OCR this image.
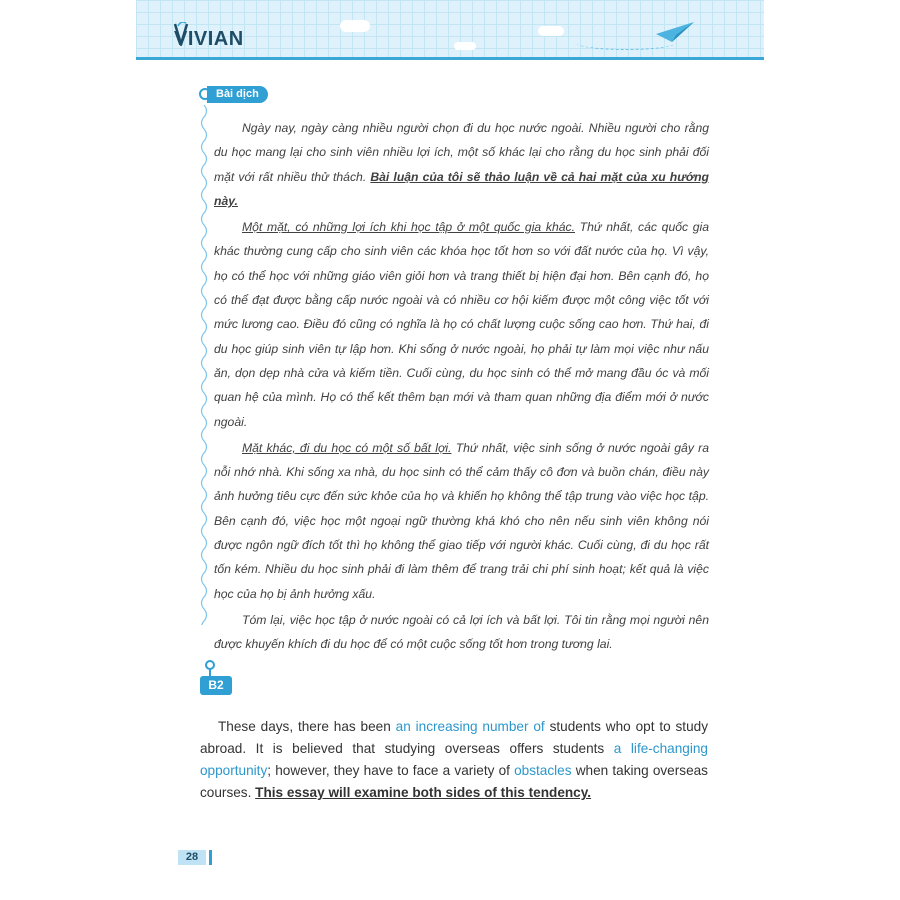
VIVIAN
Bài dịch

Ngày nay, ngày càng nhiều người chọn đi du học nước ngoài. Nhiều người cho rằng du học mang lại cho sinh viên nhiều lợi ích, một số khác lại cho rằng du học sinh phải đối mặt với rất nhiều thử thách. Bài luận của tôi sẽ thảo luận về cả hai mặt của xu hướng này.

Một mặt, có những lợi ích khi học tập ở một quốc gia khác. Thứ nhất, các quốc gia khác thường cung cấp cho sinh viên các khóa học tốt hơn so với đất nước của họ. Vì vậy, họ có thể học với những giáo viên giỏi hơn và trang thiết bị hiện đại hơn. Bên cạnh đó, họ có thể đạt được bằng cấp nước ngoài và có nhiều cơ hội kiếm được một công việc tốt với mức lương cao. Điều đó cũng có nghĩa là họ có chất lượng cuộc sống cao hơn. Thứ hai, đi du học giúp sinh viên tự lập hơn. Khi sống ở nước ngoài, họ phải tự làm mọi việc như nấu ăn, dọn dẹp nhà cửa và kiếm tiền. Cuối cùng, du học sinh có thể mở mang đầu óc và mối quan hệ của mình. Họ có thể kết thêm bạn mới và tham quan những địa điểm mới ở nước ngoài.

Mặt khác, đi du học có một số bất lợi. Thứ nhất, việc sinh sống ở nước ngoài gây ra nỗi nhớ nhà. Khi sống xa nhà, du học sinh có thể cảm thấy cô đơn và buồn chán, điều này ảnh hưởng tiêu cực đến sức khỏe của họ và khiến họ không thể tập trung vào việc học tập. Bên cạnh đó, việc học một ngoại ngữ thường khá khó cho nên nếu sinh viên không nói được ngôn ngữ đích tốt thì họ không thể giao tiếp với người khác. Cuối cùng, đi du học rất tốn kém. Nhiều du học sinh phải đi làm thêm để trang trải chi phí sinh hoạt; kết quả là việc học của họ bị ảnh hưởng xấu.

Tóm lại, việc học tập ở nước ngoài có cả lợi ích và bất lợi. Tôi tin rằng mọi người nên được khuyến khích đi du học để có một cuộc sống tốt hơn trong tương lai.

B2
These days, there has been an increasing number of students who opt to study abroad. It is believed that studying overseas offers students a life-changing opportunity; however, they have to face a variety of obstacles when taking overseas courses. This essay will examine both sides of this tendency.
28
